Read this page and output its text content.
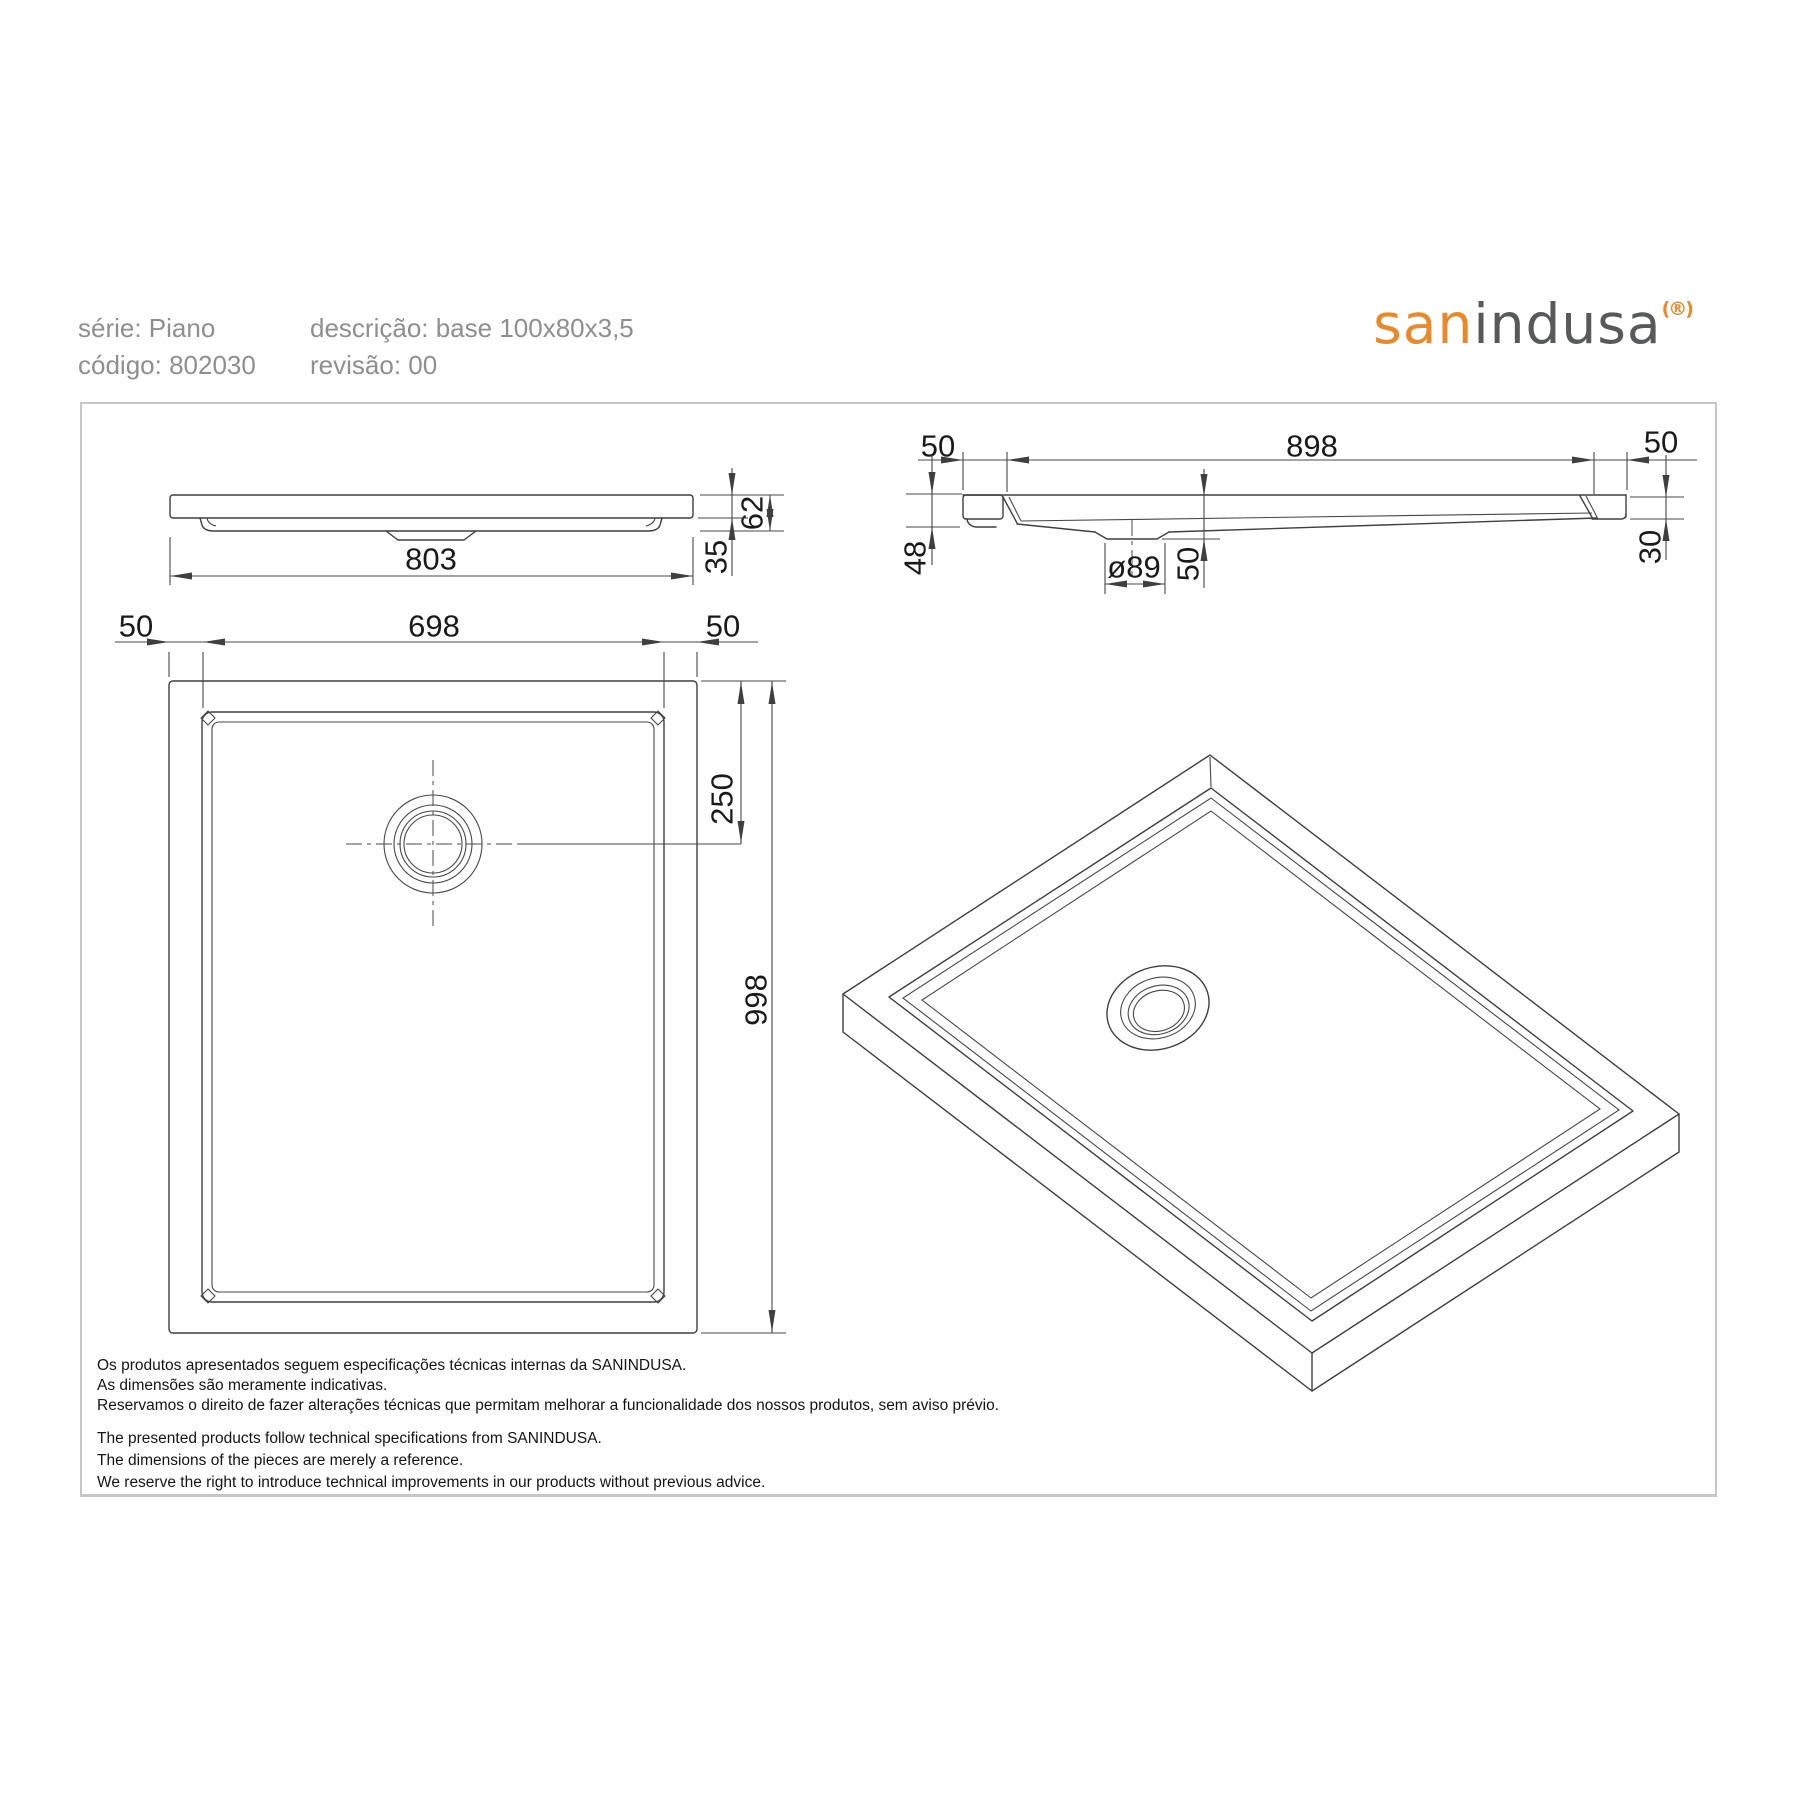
série: Piano	descrição: base 100x80x3,5
código: 802030 revisão: 00
sanindusa(®)
803
62
35
50	898	50
48	ø89 50	30
50	698	50
250
998
Os produtos apresentados seguem especificações técnicas internas da SANINDUSA.
As dimensões são meramente indicativas.
Reservamos o direito de fazer alterações técnicas que permitam melhorar a funcionalidade dos nossos produtos, sem aviso prévio.
The presented products follow technical specifications from SANINDUSA.
The dimensions of the pieces are merely a reference.
We reserve the right to introduce technical improvements in our products without previous advice.
